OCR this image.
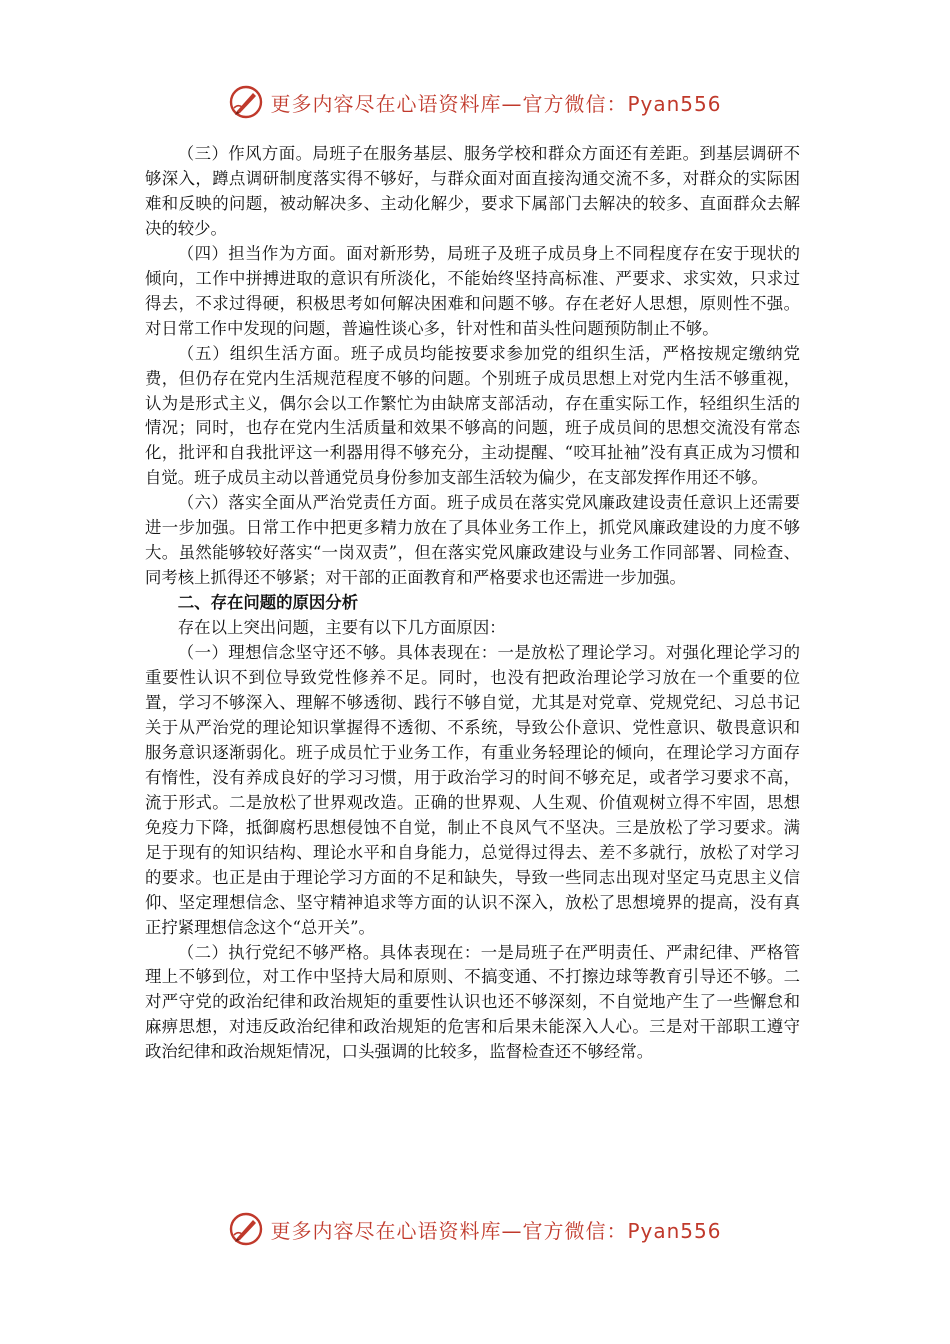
更多内容尽在心语资料库—官方微信：Pyan556

（三）作风方面。局班子在服务基层、服务学校和群众方面还有差距。到基层调研不够深入，蹲点调研制度落实得不够好，与群众面对面直接沟通交流不多，对群众的实际困难和反映的问题，被动解决多、主动化解少，要求下属部门去解决的较多、直面群众去解决的较少。

（四）担当作为方面。面对新形势，局班子及班子成员身上不同程度存在安于现状的倾向，工作中拼搏进取的意识有所淡化，不能始终坚持高标准、严要求、求实效，只求过得去，不求过得硬，积极思考如何解决困难和问题不够。存在老好人思想，原则性不强。对日常工作中发现的问题，普遍性谈心多，针对性和苗头性问题预防制止不够。

（五）组织生活方面。班子成员均能按要求参加党的组织生活，严格按规定缴纳党费，但仍存在党内生活规范程度不够的问题。个别班子成员思想上对党内生活不够重视，认为是形式主义，偶尔会以工作繁忙为由缺席支部活动，存在重实际工作，轻组织生活的情况；同时，也存在党内生活质量和效果不够高的问题，班子成员间的思想交流没有常态化，批评和自我批评这一利器用得不够充分，主动提醒、“咬耳扯袖”没有真正成为习惯和自觉。班子成员主动以普通党员身份参加支部生活较为偏少，在支部发挥作用还不够。

（六）落实全面从严治党责任方面。班子成员在落实党风廉政建设责任意识上还需要进一步加强。日常工作中把更多精力放在了具体业务工作上，抓党风廉政建设的力度不够大。虽然能够较好落实“一岗双责”，但在落实党风廉政建设与业务工作同部署、同检查、同考核上抓得还不够紧；对干部的正面教育和严格要求也还需进一步加强。

二、存在问题的原因分析

存在以上突出问题，主要有以下几方面原因：

（一）理想信念坚守还不够。具体表现在：一是放松了理论学习。对强化理论学习的重要性认识不到位导致党性修养不足。同时，也没有把政治理论学习放在一个重要的位置，学习不够深入、理解不够透彻、践行不够自觉，尤其是对党章、党规党纪、习总书记关于从严治党的理论知识掌握得不透彻、不系统，导致公仆意识、党性意识、敬畏意识和服务意识逐渐弱化。班子成员忙于业务工作，有重业务轻理论的倾向，在理论学习方面存有惰性，没有养成良好的学习习惯，用于政治学习的时间不够充足，或者学习要求不高，流于形式。二是放松了世界观改造。正确的世界观、人生观、价值观树立得不牢固，思想免疫力下降，抵御腐朽思想侵蚀不自觉，制止不良风气不坚决。三是放松了学习要求。满足于现有的知识结构、理论水平和自身能力，总觉得过得去、差不多就行，放松了对学习的要求。也正是由于理论学习方面的不足和缺失，导致一些同志出现对坚定马克思主义信仰、坚定理想信念、坚守精神追求等方面的认识不深入，放松了思想境界的提高，没有真正拧紧理想信念这个“总开关”。

（二）执行党纪不够严格。具体表现在：一是局班子在严明责任、严肃纪律、严格管理上不够到位，对工作中坚持大局和原则、不搞变通、不打擦边球等教育引导还不够。二对严守党的政治纪律和政治规矩的重要性认识也还不够深刻，不自觉地产生了一些懈怠和麻痹思想，对违反政治纪律和政治规矩的危害和后果未能深入人心。三是对干部职工遵守政治纪律和政治规矩情况，口头强调的比较多，监督检查还不够经常。

更多内容尽在心语资料库—官方微信：Pyan556
